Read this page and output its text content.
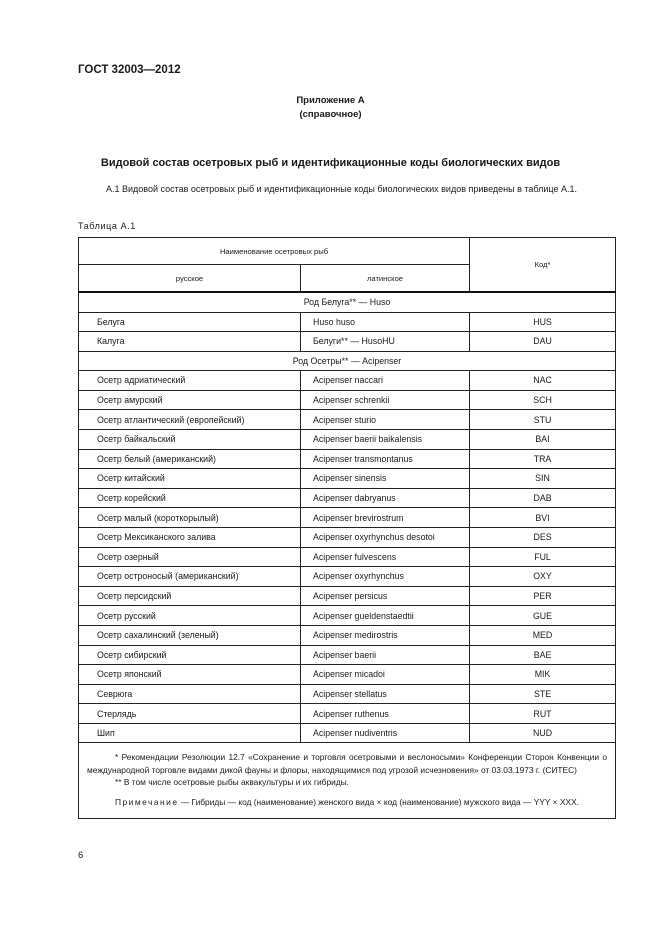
ГОСТ 32003—2012
Приложение А
(справочное)
Видовой состав осетровых рыб и идентификационные коды биологических видов
А.1 Видовой состав осетровых рыб и идентификационные коды биологических видов приведены в таблице А.1.
Таблица А.1
Наименование осетровых рыб		Код*
русское	латинское	
Род Белуга** — Huso		
Белуга	Huso huso	HUS
Калуга	Белуги** — HusoHU	DAU
Род Осетры** — Acipenser		
Осетр адриатический	Acipenser naccari	NAC
Осетр амурский	Acipenser schrenkii	SCH
Осетр атлантический (европейский)	Acipenser sturio	STU
Осетр байкальский	Acipenser baerii baikalensis	BAI
Осетр белый (американский)	Acipenser transmontanus	TRA
Осетр китайский	Acipenser sinensis	SIN
Осетр корейский	Acipenser dabryanus	DAB
Осетр малый (короткорылый)	Acipenser brevirostrum	BVI
Осетр Мексиканского залива	Acipenser oxyrhynchus desotoi	DES
Осетр озерный	Acipenser fulvescens	FUL
Осетр остроносый (американский)	Acipenser oxyrhynchus	OXY
Осетр персидский	Acipenser persicus	PER
Осетр русский	Acipenser gueldenstaedtii	GUE
Осетр сахалинский (зеленый)	Acipenser medirostris	MED
Осетр сибирский	Acipenser baerii	BAE
Осетр японский	Acipenser micadoi	MIK
Севрюга	Acipenser stellatus	STE
Стерлядь	Acipenser ruthenus	RUT
Шип	Acipenser nudiventris	NUD

* Рекомендации Резолюции 12.7 «Сохранение и торговля осетровыми и веслоносыми» Конференции Сторон Конвенции о международной торговле видами дикой фауны и флоры, находящимися под угрозой исчезновения» от 03.03.1973 г. (СИТЕС)

** В том числе осетровые рыбы аквакультуры и их гибриды.

Примечание — Гибриды — код (наименование) женского вида × код (наименование) мужского вида — YYY × XXX.		

6
